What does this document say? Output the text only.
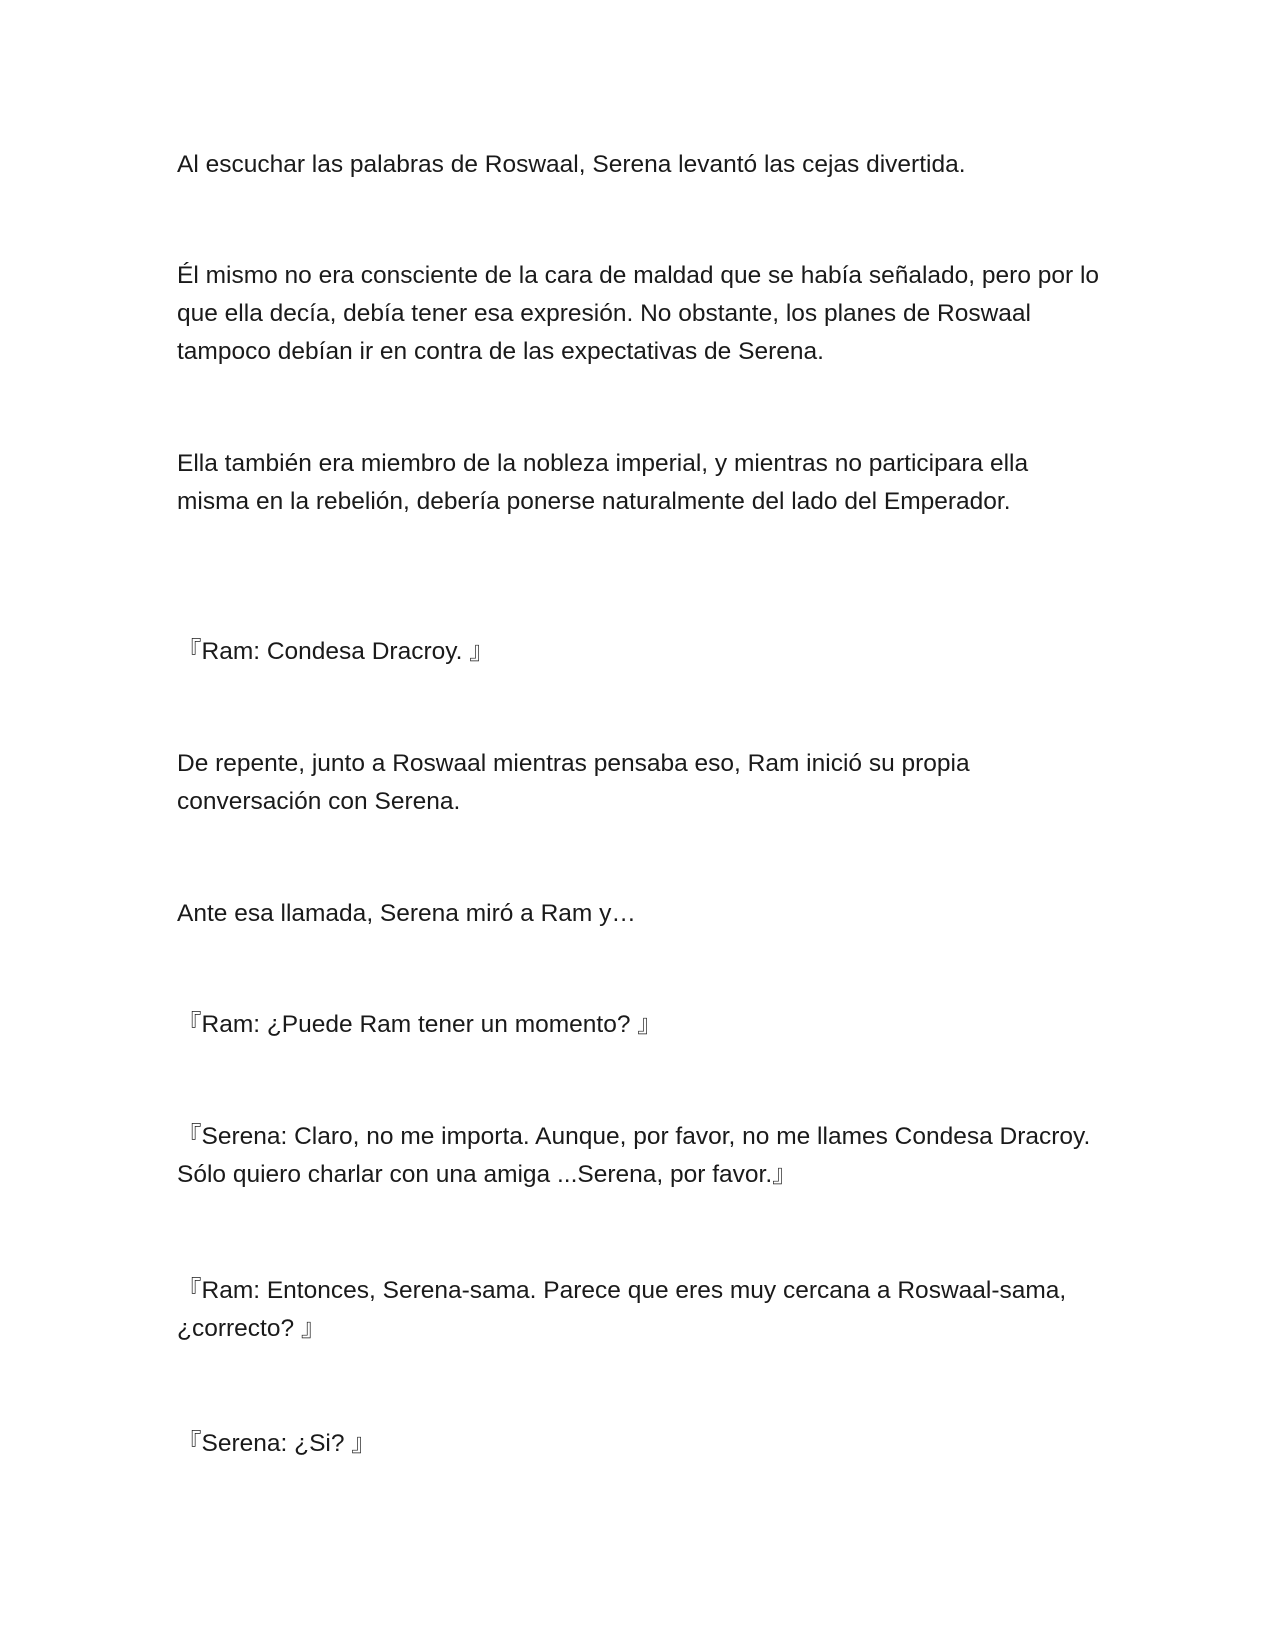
Al escuchar las palabras de Roswaal, Serena levantó las cejas divertida.

Él mismo no era consciente de la cara de maldad que se había señalado, pero por lo que ella decía, debía tener esa expresión. No obstante, los planes de Roswaal tampoco debían ir en contra de las expectativas de Serena.

Ella también era miembro de la nobleza imperial, y mientras no participara ella misma en la rebelión, debería ponerse naturalmente del lado del Emperador.

『Ram: Condesa Dracroy. 』

De repente, junto a Roswaal mientras pensaba eso, Ram inició su propia conversación con Serena.

Ante esa llamada, Serena miró a Ram y…

『Ram: ¿Puede Ram tener un momento? 』

『Serena: Claro, no me importa. Aunque, por favor, no me llames Condesa Dracroy. Sólo quiero charlar con una amiga ...Serena, por favor.』

『Ram: Entonces, Serena-sama. Parece que eres muy cercana a Roswaal-sama, ¿correcto? 』

『Serena: ¿Si? 』
